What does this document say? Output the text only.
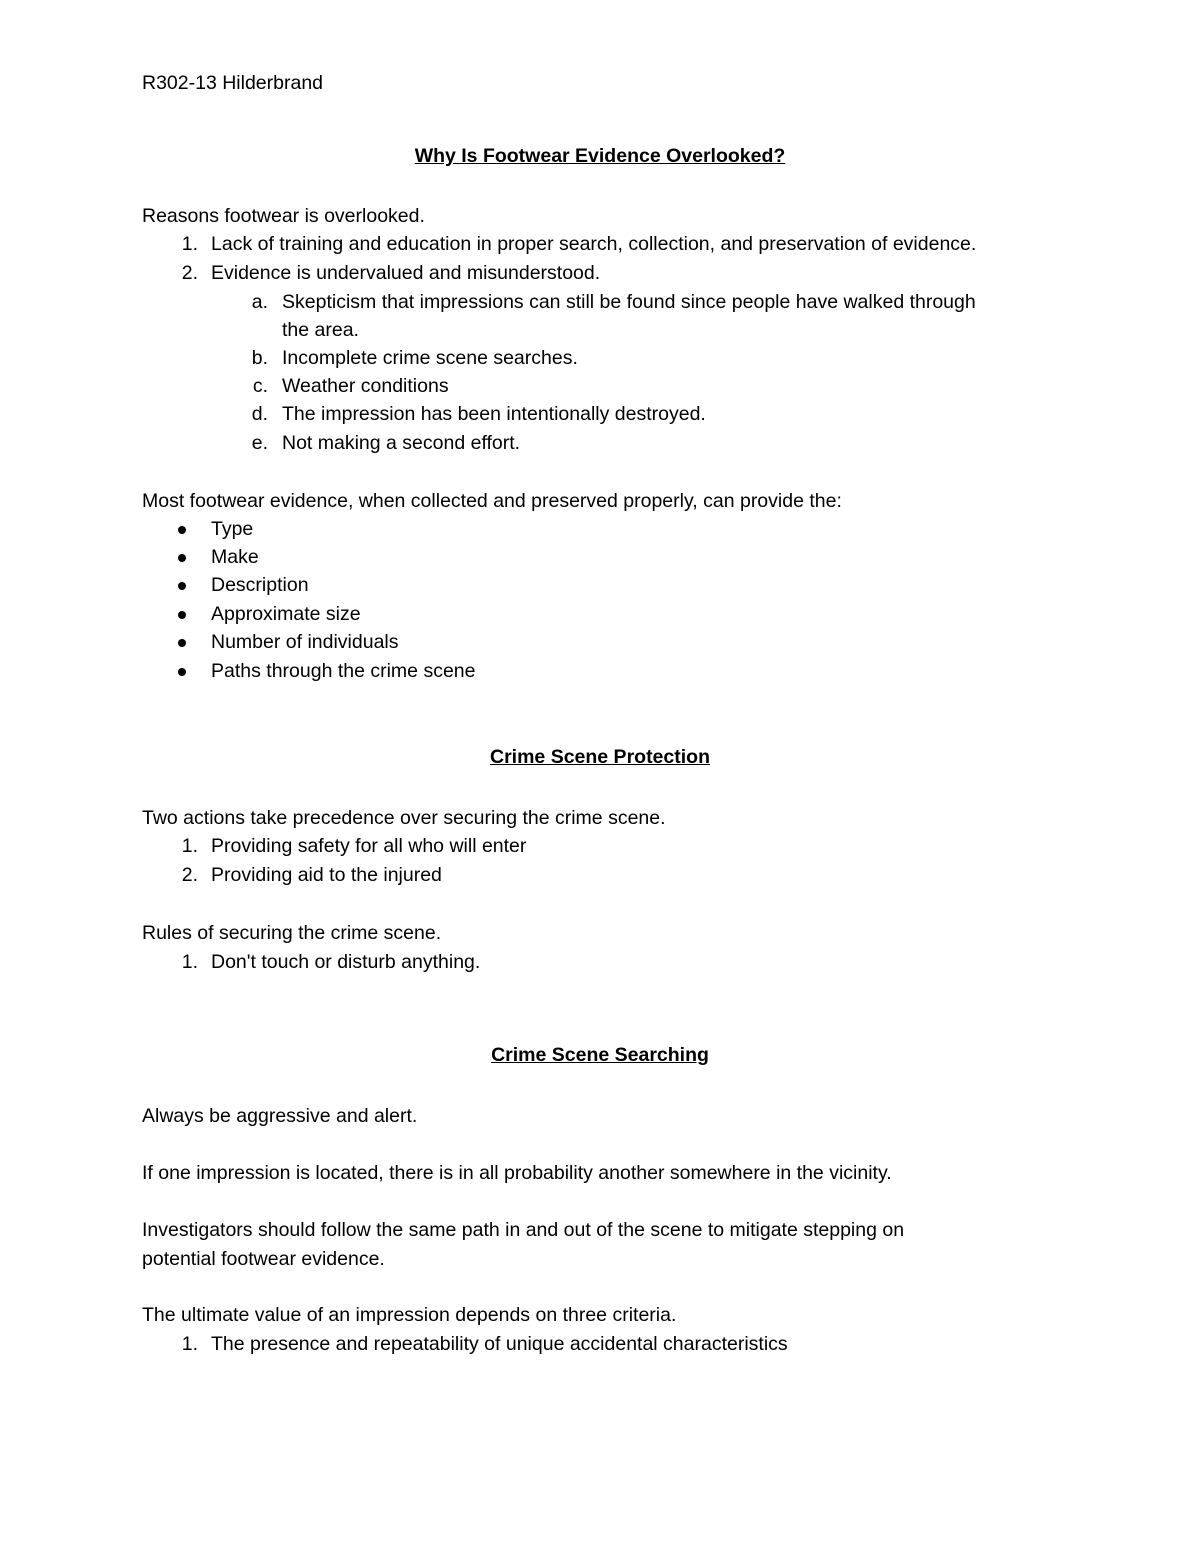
R302-13 Hilderbrand
Why Is Footwear Evidence Overlooked?
Reasons footwear is overlooked.
1. Lack of training and education in proper search, collection, and preservation of evidence.
2. Evidence is undervalued and misunderstood.
a. Skepticism that impressions can still be found since people have walked through
the area.
b. Incomplete crime scene searches.
c. Weather conditions
d. The impression has been intentionally destroyed.
e. Not making a second effort.
Most footwear evidence, when collected and preserved properly, can provide the:
Type
Make
Description
Approximate size
Number of individuals
Paths through the crime scene
Crime Scene Protection
Two actions take precedence over securing the crime scene.
1. Providing safety for all who will enter
2. Providing aid to the injured
Rules of securing the crime scene.
1. Don't touch or disturb anything.
Crime Scene Searching
Always be aggressive and alert.
If one impression is located, there is in all probability another somewhere in the vicinity.
Investigators should follow the same path in and out of the scene to mitigate stepping on
potential footwear evidence.
The ultimate value of an impression depends on three criteria.
1. The presence and repeatability of unique accidental characteristics
